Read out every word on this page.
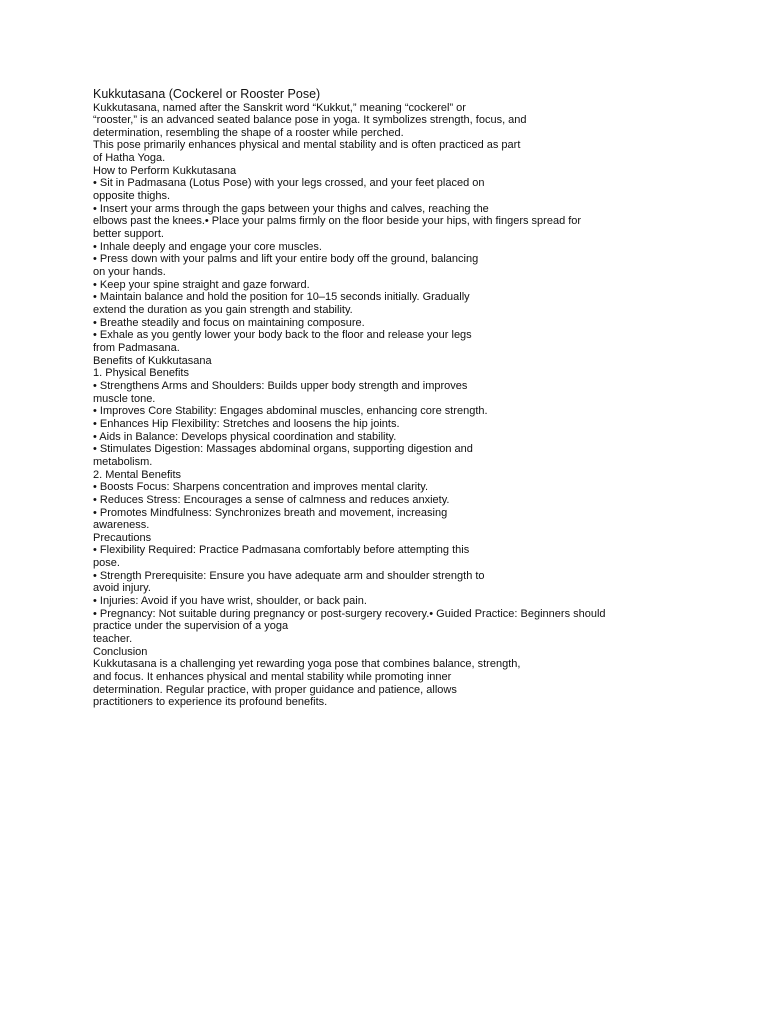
Kukkutasana (Cockerel or Rooster Pose)
Kukkutasana, named after the Sanskrit word “Kukkut,” meaning “cockerel” or
“rooster,” is an advanced seated balance pose in yoga. It symbolizes strength, focus, and
determination, resembling the shape of a rooster while perched.
This pose primarily enhances physical and mental stability and is often practiced as part
of Hatha Yoga.
How to Perform Kukkutasana
• Sit in Padmasana (Lotus Pose) with your legs crossed, and your feet placed on
opposite thighs.
• Insert your arms through the gaps between your thighs and calves, reaching the
elbows past the knees.• Place your palms firmly on the floor beside your hips, with fingers spread for
better support.
• Inhale deeply and engage your core muscles.
• Press down with your palms and lift your entire body off the ground, balancing
on your hands.
• Keep your spine straight and gaze forward.
• Maintain balance and hold the position for 10–15 seconds initially. Gradually
extend the duration as you gain strength and stability.
• Breathe steadily and focus on maintaining composure.
• Exhale as you gently lower your body back to the floor and release your legs
from Padmasana.
Benefits of Kukkutasana
1. Physical Benefits
• Strengthens Arms and Shoulders: Builds upper body strength and improves
muscle tone.
• Improves Core Stability: Engages abdominal muscles, enhancing core strength.
• Enhances Hip Flexibility: Stretches and loosens the hip joints.
• Aids in Balance: Develops physical coordination and stability.
• Stimulates Digestion: Massages abdominal organs, supporting digestion and
metabolism.
2. Mental Benefits
• Boosts Focus: Sharpens concentration and improves mental clarity.
• Reduces Stress: Encourages a sense of calmness and reduces anxiety.
• Promotes Mindfulness: Synchronizes breath and movement, increasing
awareness.
Precautions
• Flexibility Required: Practice Padmasana comfortably before attempting this
pose.
• Strength Prerequisite: Ensure you have adequate arm and shoulder strength to
avoid injury.
• Injuries: Avoid if you have wrist, shoulder, or back pain.
• Pregnancy: Not suitable during pregnancy or post-surgery recovery.• Guided Practice: Beginners should
practice under the supervision of a yoga
teacher.
Conclusion
Kukkutasana is a challenging yet rewarding yoga pose that combines balance, strength,
and focus. It enhances physical and mental stability while promoting inner
determination. Regular practice, with proper guidance and patience, allows
practitioners to experience its profound benefits.
